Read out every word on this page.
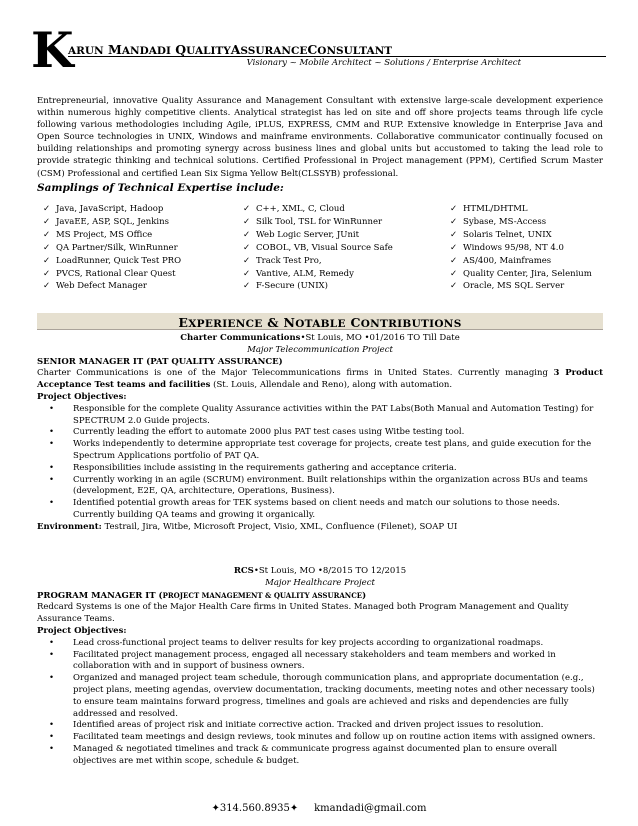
K
ARUN MANDADI QUALITYASSURANCECONSULTANT
Visionary ~ Mobile Architect ~ Solutions / Enterprise Architect
Entrepreneurial, innovative Quality Assurance and Management Consultant with extensive large-scale development experience within numerous highly competitive clients. Analytical strategist has led on site and off shore projects teams through life cycle following various methodologies including Agile, iPLUS, EXPRESS, CMM and RUP. Extensive knowledge in Enterprise Java and Open Source technologies in UNIX, Windows and mainframe environments. Collaborative communicator continually focused on building relationships and promoting synergy across business lines and global units but accustomed to taking the lead role to provide strategic thinking and technical solutions. Certified Professional in Project management (PPM), Certified Scrum Master (CSM) Professional and certified Lean Six Sigma Yellow Belt(CLSSYB) professional.
Samplings of Technical Expertise include:
✓ Java, JavaScript, Hadoop
✓ JavaEE, ASP, SQL, Jenkins
✓ MS Project, MS Office
✓ QA Partner/Silk, WinRunner
✓ LoadRunner, Quick Test PRO
✓ PVCS, Rational Clear Quest
✓ Web Defect Manager
✓ C++, XML, C, Cloud
✓ Silk Tool, TSL for WinRunner
✓ Web Logic Server, JUnit
✓ COBOL, VB, Visual Source Safe
✓ Track Test Pro,
✓ Vantive, ALM, Remedy
✓ F-Secure (UNIX)
✓ HTML/DHTML
✓ Sybase, MS-Access
✓ Solaris Telnet, UNIX
✓ Windows 95/98, NT 4.0
✓ AS/400, Mainframes
✓ Quality Center, Jira, Selenium
✓ Oracle, MS SQL Server
EXPERIENCE & NOTABLE CONTRIBUTIONS
Charter Communications•St Louis, MO •01/2016 TO Till Date
Major Telecommunication Project
SENIOR MANAGER IT (PAT QUALITY ASSURANCE)
Charter Communications is one of the Major Telecommunications firms in United States. Currently managing 3 Product Acceptance Test teams and facilities (St. Louis, Allendale and Reno), along with automation.
Project Objectives:
• Responsible for the complete Quality Assurance activities within the PAT Labs(Both Manual and Automation Testing) for SPECTRUM 2.0 Guide projects.
• Currently leading the effort to automate 2000 plus PAT test cases using Witbe testing tool.
• Works independently to determine appropriate test coverage for projects, create test plans, and guide execution for the Spectrum Applications portfolio of PAT QA.
• Responsibilities include assisting in the requirements gathering and acceptance criteria.
• Currently working in an agile (SCRUM) environment. Built relationships within the organization across BUs and teams (development, E2E, QA, architecture, Operations, Business).
• Identified potential growth areas for TEK systems based on client needs and match our solutions to those needs. Currently building QA teams and growing it organically.
Environment: Testrail, Jira, Witbe, Microsoft Project, Visio, XML, Confluence (Filenet), SOAP UI
RCS•St Louis, MO •8/2015 TO 12/2015
Major Healthcare Project
PROGRAM MANAGER IT (PROJECT MANAGEMENT & QUALITY ASSURANCE)
Redcard Systems is one of the Major Health Care firms in United States. Managed both Program Management and Quality Assurance Teams.
Project Objectives:
• Lead cross-functional project teams to deliver results for key projects according to organizational roadmaps.
• Facilitated project management process, engaged all necessary stakeholders and team members and worked in collaboration with and in support of business owners.
• Organized and managed project team schedule, thorough communication plans, and appropriate documentation (e.g., project plans, meeting agendas, overview documentation, tracking documents, meeting notes and other necessary tools) to ensure team maintains forward progress, timelines and goals are achieved and risks and dependencies are fully addressed and resolved.
• Identified areas of project risk and initiate corrective action. Tracked and driven project issues to resolution.
• Facilitated team meetings and design reviews, took minutes and follow up on routine action items with assigned owners.
• Managed & negotiated timelines and track & communicate progress against documented plan to ensure overall objectives are met within scope, schedule & budget.
✦314.560.8935✦ kmandadi@gmail.com
